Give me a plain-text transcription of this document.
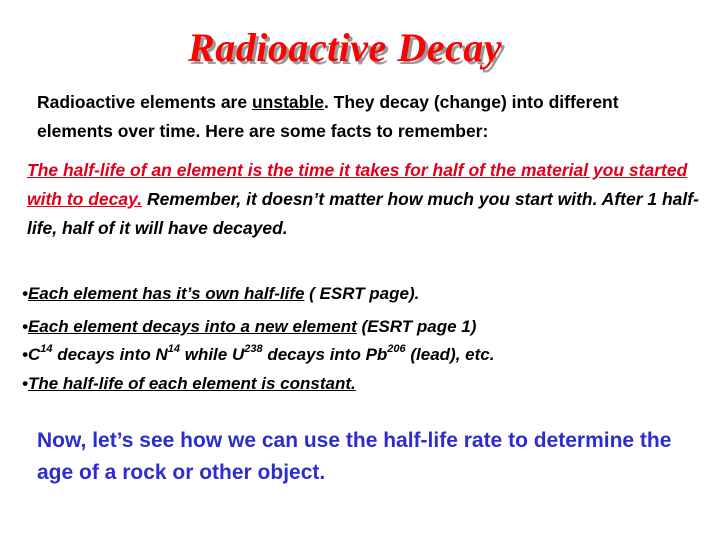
Radioactive Decay
Radioactive elements are unstable. They decay (change) into different elements over time. Here are some facts to remember:
The half-life of an element is the time it takes for half of the material you started with to decay. Remember, it doesn’t matter how much you start with. After 1 half-life, half of it will have decayed.
•Each element has it’s own half-life ( ESRT page).
•Each element decays into a new element (ESRT page 1)
$•C^{14}$ decays into $N^{14}$ while $U^{238}$ decays into Pb$^{206}$ (lead), etc.
•The half-life of each element is constant.
Now, let’s see how we can use the half-life rate to determine the age of a rock or other object.
